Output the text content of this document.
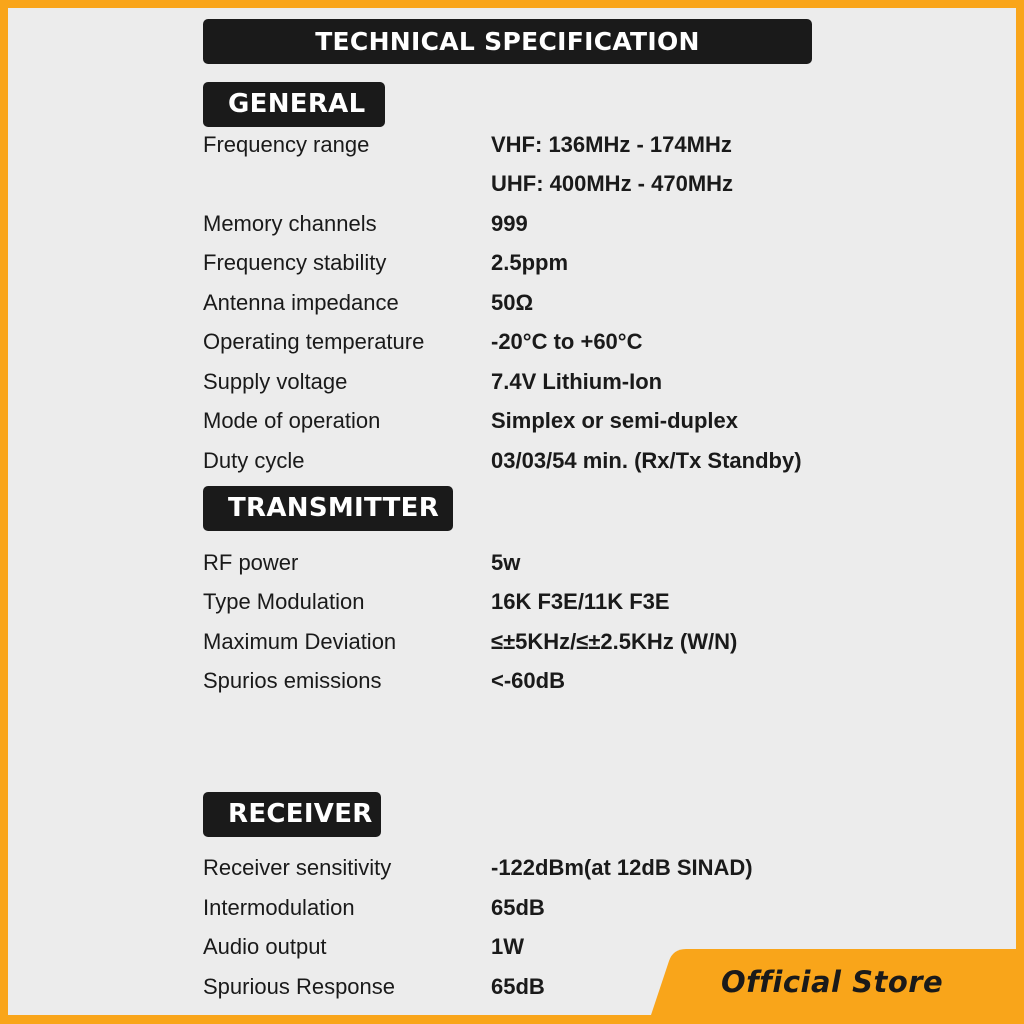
TECHNICAL SPECIFICATION
GENERAL
Frequency range	VHF: 136MHz - 174MHz
UHF: 400MHz - 470MHz
Memory channels	999
Frequency stability	2.5ppm
Antenna impedance	50Ω
Operating temperature	-20°C to +60°C
Supply voltage	7.4V Lithium-Ion
Mode of operation	Simplex or semi-duplex
Duty cycle	03/03/54 min. (Rx/Tx Standby)
TRANSMITTER
RF power	5w
Type Modulation	16K F3E/11K F3E
Maximum Deviation	≤±5KHz/≤±2.5KHz (W/N)
Spurios emissions	<-60dB
RECEIVER
Receiver sensitivity	-122dBm(at 12dB SINAD)
Intermodulation	65dB
Audio output	1W
Spurious Response	65dB	Official Store
